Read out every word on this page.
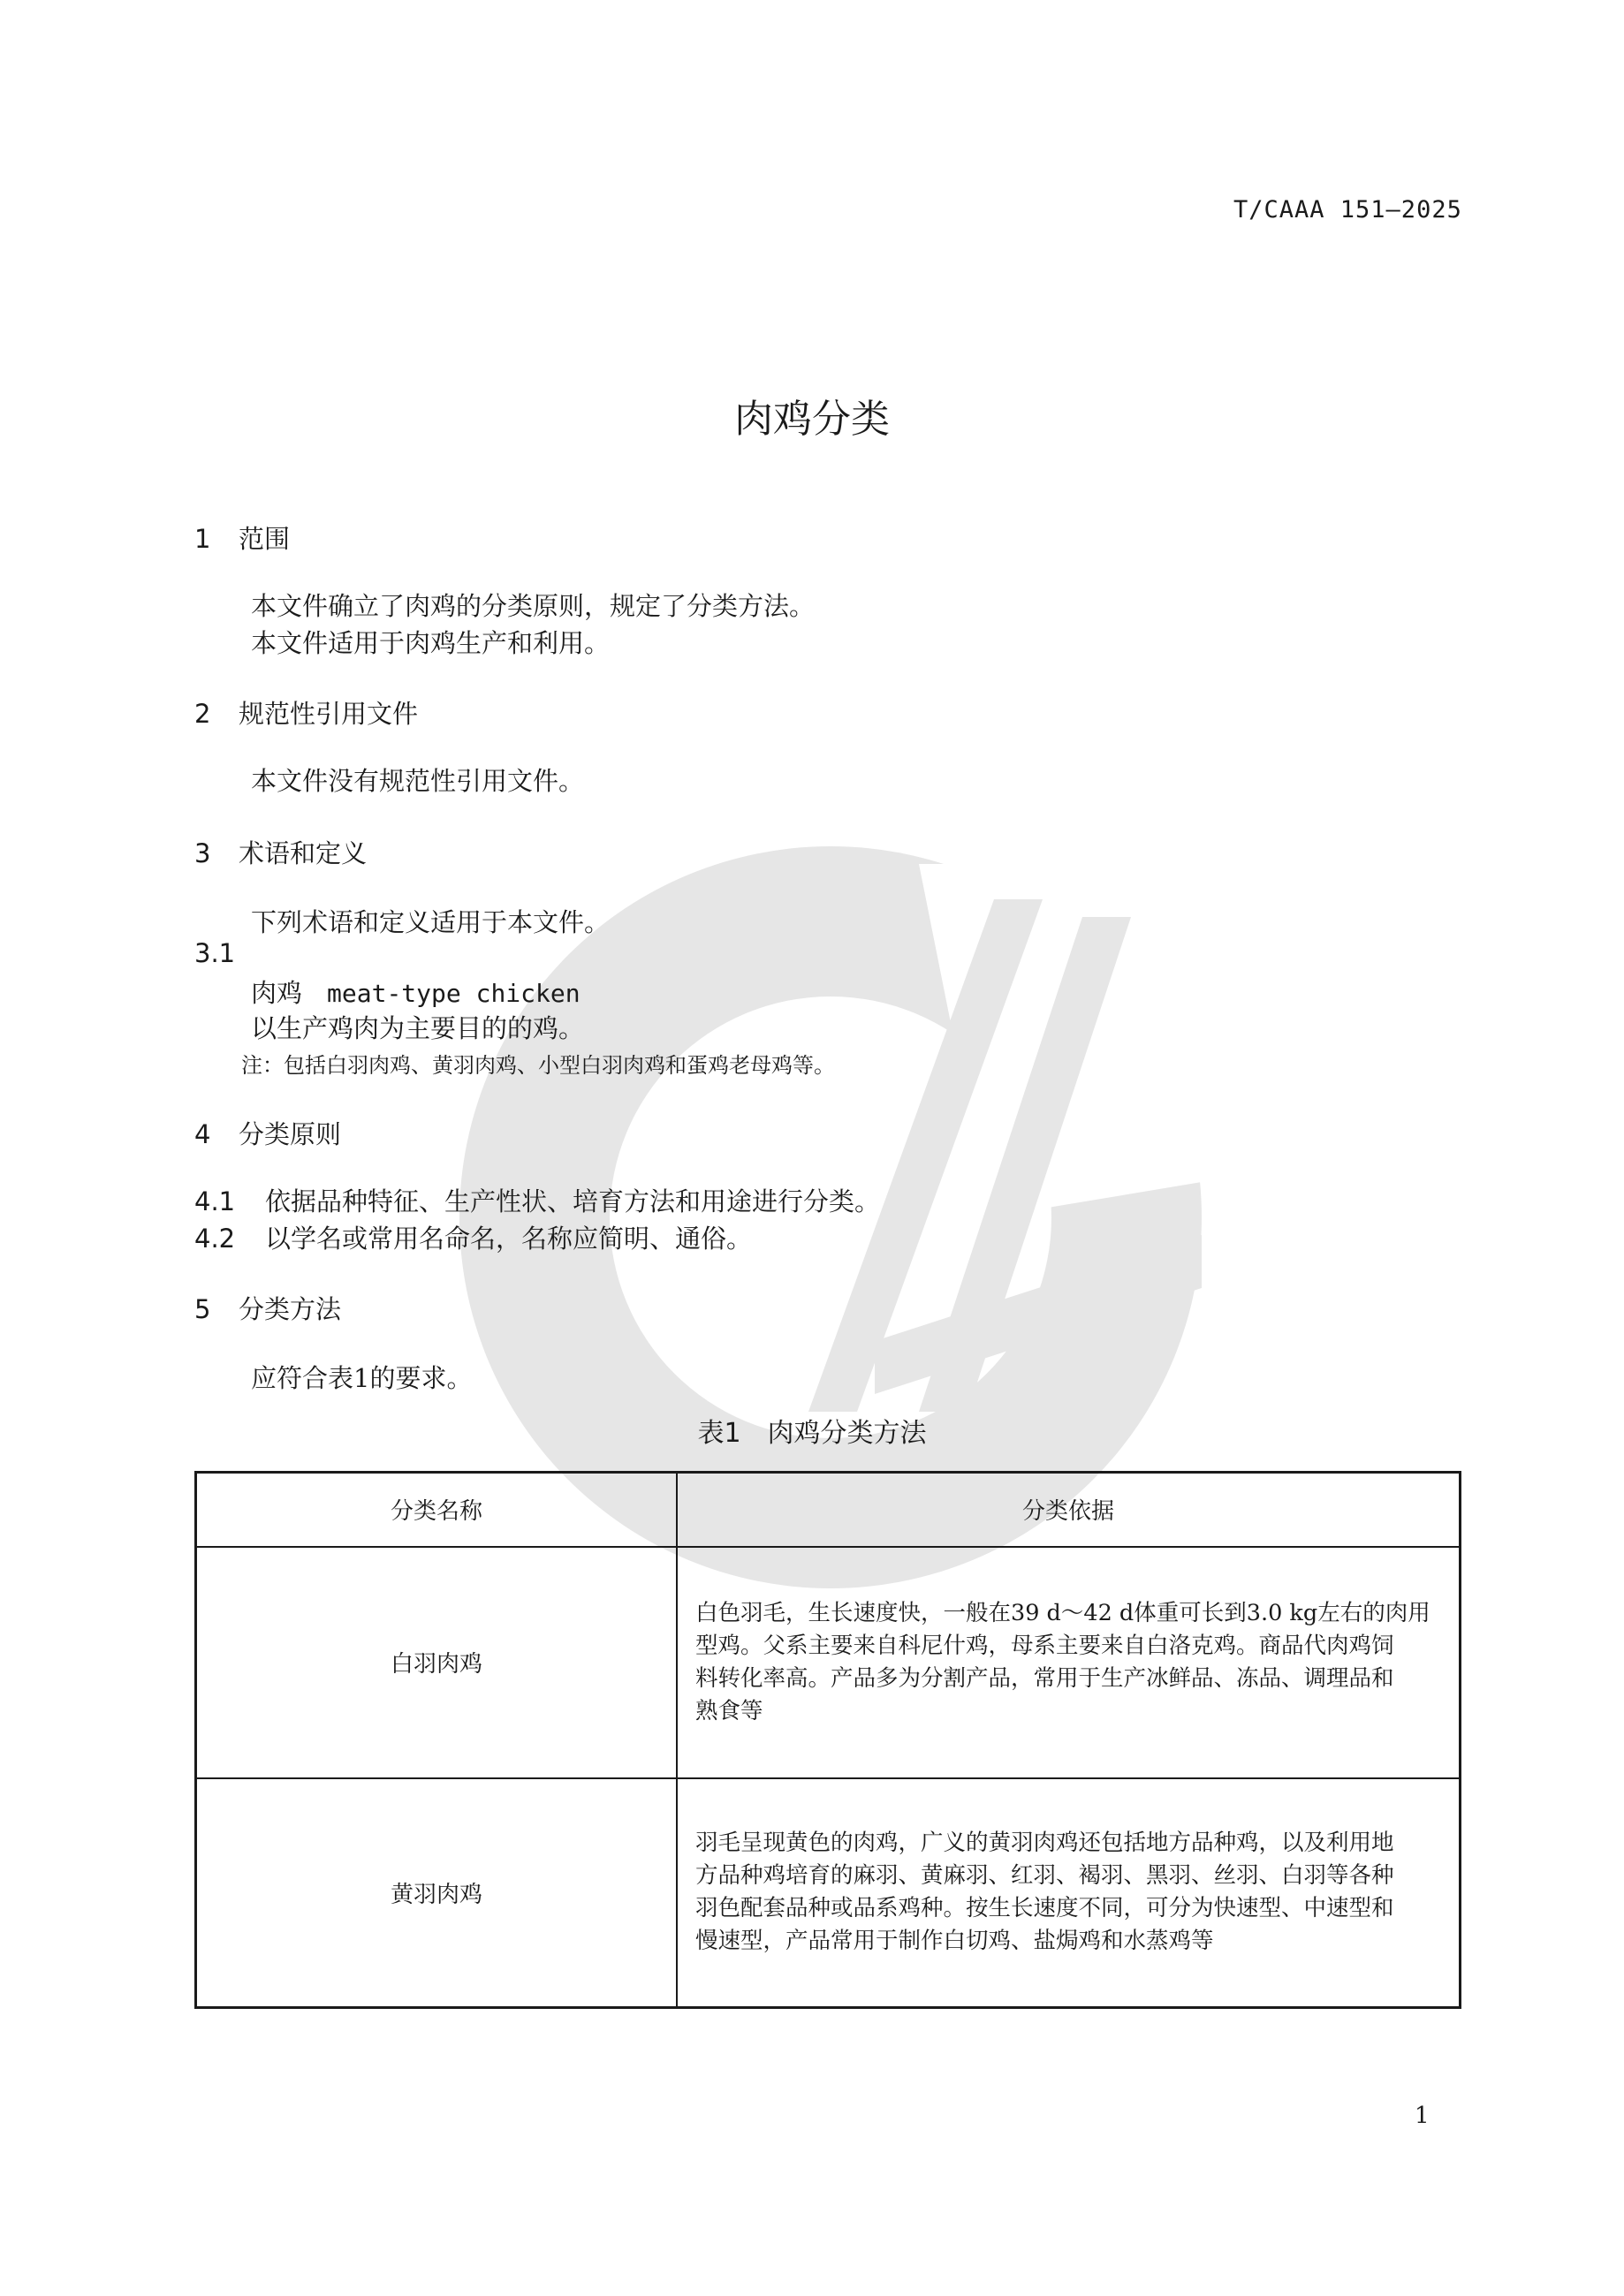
T/CAAA 151—2025
肉鸡分类
1 范围
本文件确立了肉鸡的分类原则，规定了分类方法。
本文件适用于肉鸡生产和利用。
2 规范性引用文件
本文件没有规范性引用文件。
3 术语和定义
下列术语和定义适用于本文件。
3.1
肉鸡 meat-type chicken
以生产鸡肉为主要目的的鸡。
注：包括白羽肉鸡、黄羽肉鸡、小型白羽肉鸡和蛋鸡老母鸡等。
4 分类原则
4.1 依据品种特征、生产性状、培育方法和用途进行分类。
4.2 以学名或常用名命名，名称应简明、通俗。
5 分类方法
应符合表1的要求。
表1　肉鸡分类方法
分类名称	分类依据
白羽肉鸡	白色羽毛，生长速度快，一般在39 d～42 d体重可长到3.0 kg左右的肉用
型鸡。父系主要来自科尼什鸡，母系主要来自白洛克鸡。商品代肉鸡饲
料转化率高。产品多为分割产品，常用于生产冰鲜品、冻品、调理品和
熟食等

黄羽肉鸡	羽毛呈现黄色的肉鸡，广义的黄羽肉鸡还包括地方品种鸡，以及利用地
方品种鸡培育的麻羽、黄麻羽、红羽、褐羽、黑羽、丝羽、白羽等各种
羽色配套品种或品系鸡种。按生长速度不同，可分为快速型、中速型和
慢速型，产品常用于制作白切鸡、盐焗鸡和水蒸鸡等
1
